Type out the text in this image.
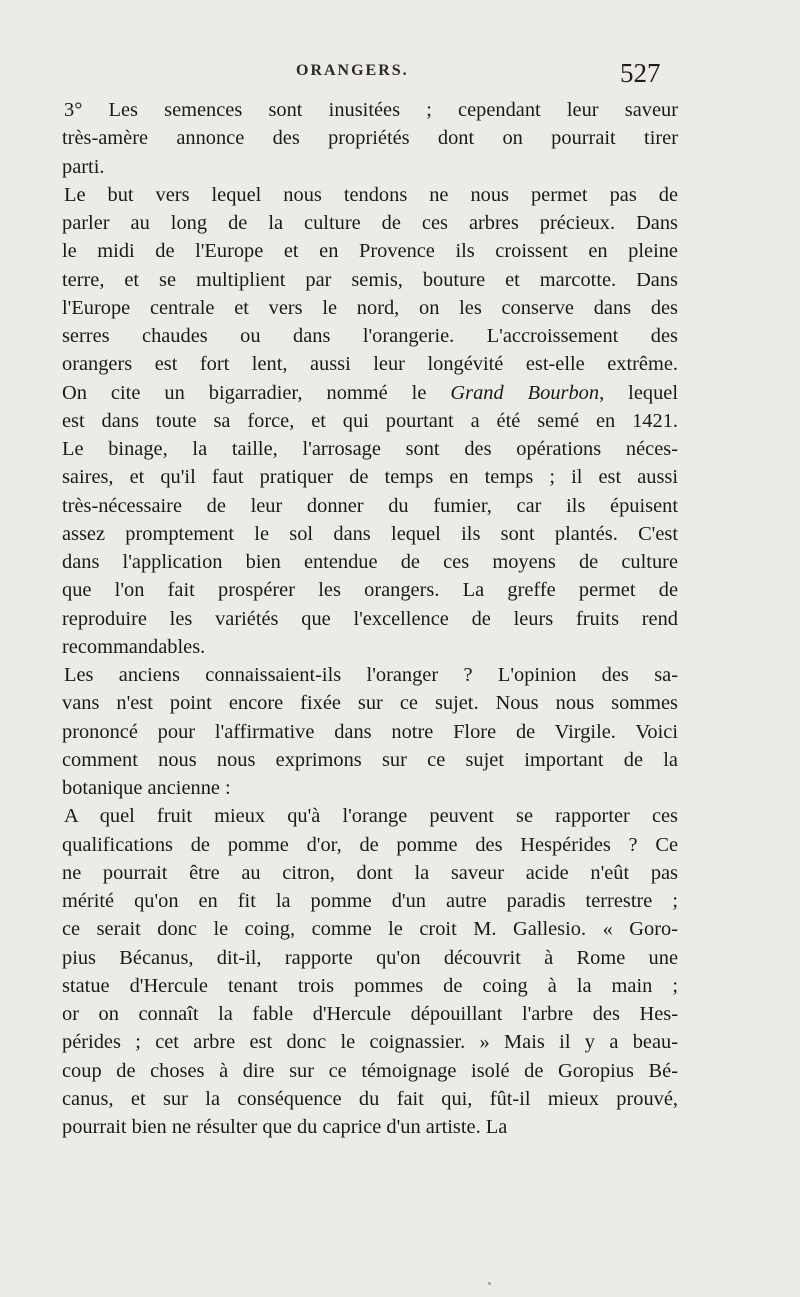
ORANGERS.	527
3° Les semences sont inusitées ; cependant leur saveur
très-amère annonce des propriétés dont on pourrait tirer
parti.
Le but vers lequel nous tendons ne nous permet pas de
parler au long de la culture de ces arbres précieux. Dans
le midi de l'Europe et en Provence ils croissent en pleine
terre, et se multiplient par semis, bouture et marcotte. Dans
l'Europe centrale et vers le nord, on les conserve dans des
serres chaudes ou dans l'orangerie. L'accroissement des
orangers est fort lent, aussi leur longévité est-elle extrême.
On cite un bigarradier, nommé le Grand Bourbon, lequel
est dans toute sa force, et qui pourtant a été semé en 1421.
Le binage, la taille, l'arrosage sont des opérations néces-
saires, et qu'il faut pratiquer de temps en temps ; il est aussi
très-nécessaire de leur donner du fumier, car ils épuisent
assez promptement le sol dans lequel ils sont plantés. C'est
dans l'application bien entendue de ces moyens de culture
que l'on fait prospérer les orangers. La greffe permet de
reproduire les variétés que l'excellence de leurs fruits rend
recommandables.
Les anciens connaissaient-ils l'oranger ? L'opinion des sa-
vans n'est point encore fixée sur ce sujet. Nous nous sommes
prononcé pour l'affirmative dans notre Flore de Virgile. Voici
comment nous nous exprimons sur ce sujet important de la
botanique ancienne :
A quel fruit mieux qu'à l'orange peuvent se rapporter ces
qualifications de pomme d'or, de pomme des Hespérides ? Ce
ne pourrait être au citron, dont la saveur acide n'eût pas
mérité qu'on en fit la pomme d'un autre paradis terrestre ;
ce serait donc le coing, comme le croit M. Gallesio. « Goro-
pius Bécanus, dit-il, rapporte qu'on découvrit à Rome une
statue d'Hercule tenant trois pommes de coing à la main ;
or on connaît la fable d'Hercule dépouillant l'arbre des Hes-
pérides ; cet arbre est donc le coignassier. » Mais il y a beau-
coup de choses à dire sur ce témoignage isolé de Goropius Bé-
canus, et sur la conséquence du fait qui, fût-il mieux prouvé,
pourrait bien ne résulter que du caprice d'un artiste. La
